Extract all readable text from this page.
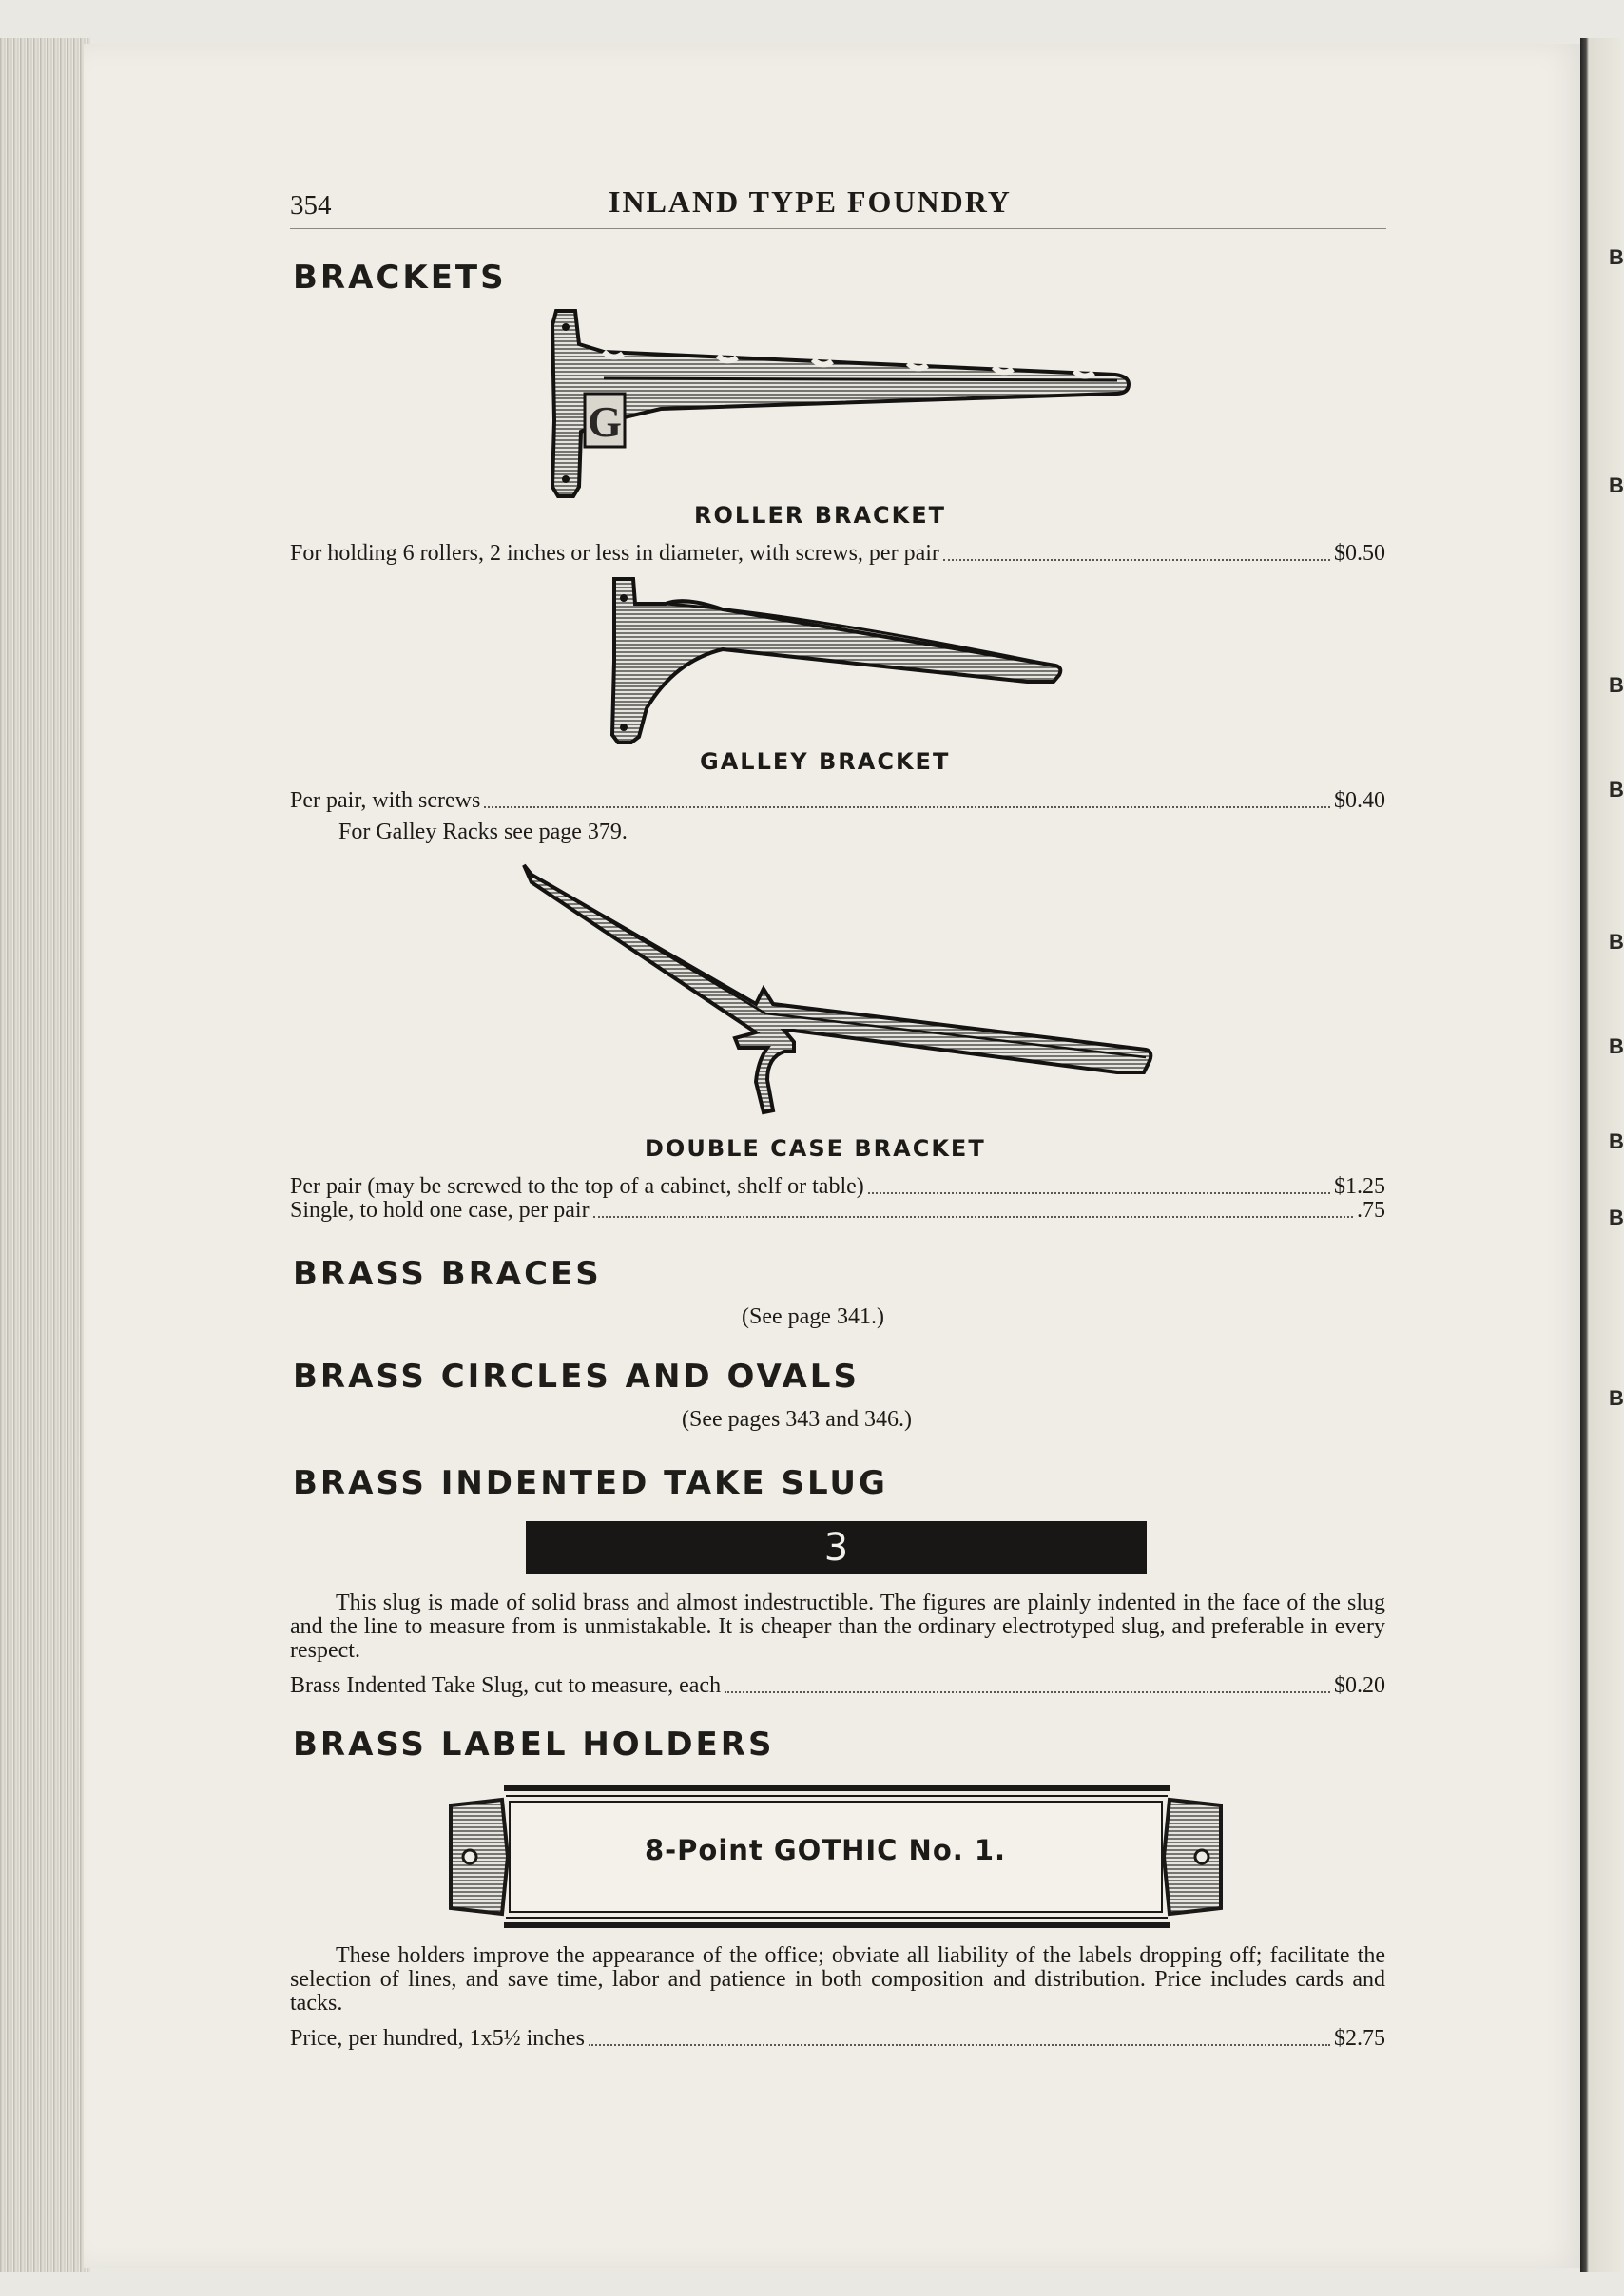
B
B
B
B
B
B
B
B
B
354	INLAND TYPE FOUNDRY
BRACKETS
G
ROLLER BRACKET
For holding 6 rollers, 2 inches or less in diameter, with screws, per pair	$0.50
GALLEY BRACKET
Per pair, with screws	$0.40
For Galley Racks see page 379.
DOUBLE CASE BRACKET
Per pair (may be screwed to the top of a cabinet, shelf or table)	$1.25
Single, to hold one case, per pair	.75
BRASS BRACES
(See page 341.)
BRASS CIRCLES AND OVALS
(See pages 343 and 346.)
BRASS INDENTED TAKE SLUG
3
This slug is made of solid brass and almost indestructible. The figures are plainly indented in the face of the slug and the line to measure from is unmistakable. It is cheaper than the ordinary electrotyped slug, and preferable in every respect.
Brass Indented Take Slug, cut to measure, each	$0.20
BRASS LABEL HOLDERS
8-Point GOTHIC No. 1.
These holders improve the appearance of the office; obviate all liability of the labels dropping off; facilitate the selection of lines, and save time, labor and patience in both composition and distribution. Price includes cards and tacks.
Price, per hundred, 1x5½ inches	$2.75
